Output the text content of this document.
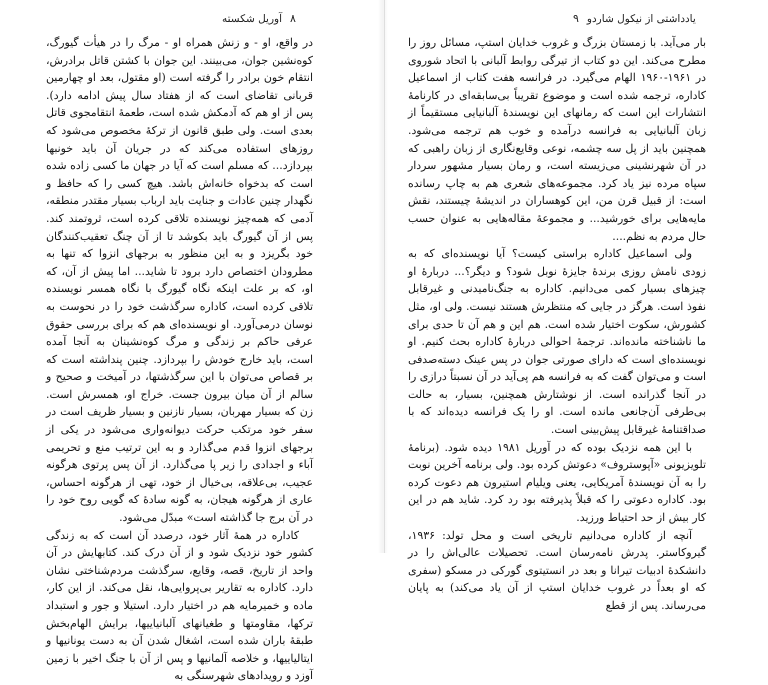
۸
آوریل شکسته

در واقع، او - و زنش همراه او - مرگ را در هیأت گیورگ، کوه‌نشین جوان، می‌بینند. این جوان با کشتن قاتل برادرش، انتقام خون برادر را گرفته است (او مقتول، بعد او چهارمین قربانی تقاضای است که از هفتاد سال پیش ادامه دارد). پس از او هم که آدمکش شده است، طعمهٔ انتقامجوی قاتل بعدی است. ولی طبق قانون از ترکهٔ مخصوص می‌شود که روزهای استفاده می‌کند که در جریان آن باید خونبها بپردازد... که مسلم است که آیا در جهان ما کسی زاده شده است که بدخواه خانه‌اش باشد. هیچ کسی را که حافظ و نگهدار چنین عادات و جنایت باید ارباب بسیار مقتدر منطقه، آدمی که همه‌چیز نویسنده تلاقی کرده است، ثروتمند کند. پس از آن گیورگ باید بکوشد تا از آن چنگ تعقیب‌کنندگان خود بگریزد و به این منظور به برجهای انزوا که تنها به مطرودان اختصاص دارد برود تا شاید... اما پیش از آن، که او، که بر علت اینکه نگاه گیورگ با نگاه همسر نویسنده تلاقی کرده است، کاداره سرگذشت خود را در نحوست به نوسان درمی‌آورد. او نویسنده‌ای هم که برای بررسی حقوق عرفی حاکم بر زندگی و مرگ کوه‌نشینان به آنجا آمده است، باید خارج خودش را بپردازد. چنین پنداشته است که بر قصاص می‌توان با این سرگذشتها، در آمیخت و صحیح و سالم از آن میان بیرون جست. خراج او، همسرش است. زن که بسیار مهربان، بسیار نازنین و بسیار ظریف است در سفر خود مرتکب حرکت دیوانه‌واری می‌شود در یکی از برجهای انزوا قدم می‌گذارد و به این ترتیب منع و تحریمی آباء و اجدادی را زیر پا می‌گذارد. از آن پس پرتوی هرگونه عجیب، بی‌علاقه، بی‌خیال از خود، تهی از هرگونه احساس، عاری از هرگونه هیجان، به گونه سادهٔ که گویی روح خود را در آن برج جا گذاشته است» مبدّل می‌شود.

کاداره در همهٔ آثار خود، درصدد آن است که به زندگی کشور خود نزدیک شود و از آن درک کند. کتابهایش در آن واحد از تاریخ، قصه، وقایع، سرگذشت مردم‌شناختی نشان دارد. کاداره به تقاریر بی‌پروایی‌ها، نقل می‌کند. از این کار، ماده و خمیرمایه هم در اختیار دارد. استیلا و جور و استبداد ترکها، مقاومتها و طغیانهای آلبانیاییها، برایش الهام‌بخش طبقهٔ باران شده است، اشغال شدن آن به دست یونانیها و ایتالیاییها، و خلاصه آلمانیها و پس از آن با جنگ اخیر با زمین آوزد و رویدادهای شهرسنگی به

یادداشتی از نیکول شاردو
۹

بار می‌آید. با زمستان بزرگ و غروب خدایان استپ، مسائل روز را مطرح می‌کند. این دو کتاب از تیرگی روابط آلبانی با اتحاد شوروی در ۱۹۶۱-۱۹۶۰ الهام می‌گیرد. در فرانسه هفت کتاب از اسماعیل کاداره، ترجمه شده است و موضوع تقریباً بی‌سابقه‌ای در کارنامهٔ انتشارات این است که رمانهای این نویسندهٔ آلبانیایی مستقیماً از زبان آلبانیایی به فرانسه درآمده و خوب هم ترجمه می‌شود. همچنین باید از پل سه چشمه، نوعی وقایع‌نگاری از زبان راهبی که در آن شهرنشینی می‌زیسته است، و رمان بسیار مشهور سردار سپاه مرده نیز یاد کرد. مجموعه‌های شعری هم به چاپ رسانده است: از قبیل قرن من، این کوهساران در اندیشهٔ چیستند، نقش مایه‌هایی برای خورشید... و مجموعهٔ مقاله‌هایی به عنوان حسب حال مردم به نظم....

ولی اسماعیل کاداره براستی کیست؟ آیا نویسنده‌ای که به زودی نامش روزی برندهٔ جایزهٔ نوبل شود؟ و دیگر؟... دربارهٔ او چیزهای بسیار کمی می‌دانیم. کاداره به جنگ‌نامیدنی و غیرقابل نفوذ است. هرگز در جایی که منتظرش هستند نیست. ولی او، مثل کشورش، سکوت اختیار شده است. هم این و هم آن تا حدی برای ما ناشناخته مانده‌اند. ترجمهٔ احوالی دربارهٔ کاداره بحث کنیم. او نویسنده‌ای است که دارای صورتی جوان در پس عینک دسته‌صدفی است و می‌توان گفت که به فرانسه هم پی‌آید در آن نسبتاً درازی را در آنجا گذرانده است. از نوشتارش همچنین، بسیار، به حالت بی‌طرفی آن‌جانعی مانده است. او را یک فرانسه دیده‌اند که با صداقتنامهٔ غیرقابل پیش‌بینی است.

با این همه نزدیک بوده که در آوریل ۱۹۸۱ دیده شود. (برنامهٔ تلویزیونی «آپوستروف» دعوتش کرده بود. ولی برنامه آخرین نوبت را به آن نویسندهٔ آمریکایی، یعنی ویلیام استیرون هم دعوت کرده بود. کاداره دعوتی را که قبلاً پذیرفته بود رد کرد. شاید هم در این کار بیش از حد احتیاط ورزید.

آنچه از کاداره می‌دانیم تاریخی است و محل تولد: ۱۹۳۶، گیروکاستر. پدرش نامه‌رسان است. تحصیلات عالی‌اش را در دانشکدهٔ ادبیات تیرانا و بعد در انستیتوی گورکی در مسکو (سفری که او بعداً در غروب خدایان استپ از آن یاد می‌کند) به پایان می‌رساند. پس از قطع
